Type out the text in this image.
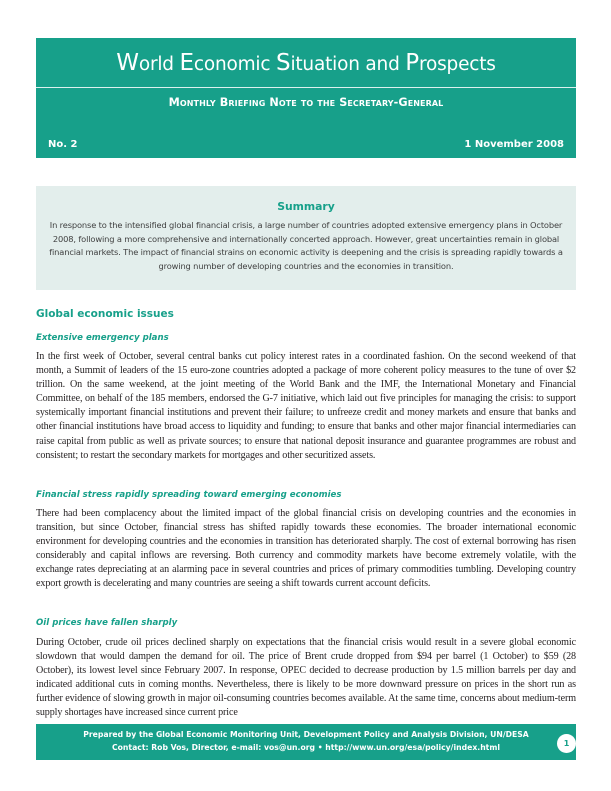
World Economic Situation and Prospects
Monthly Briefing Note to the Secretary-General
No. 2	1 November 2008
Summary

In response to the intensified global financial crisis, a large number of countries adopted extensive emergency plans in October 2008, following a more comprehensive and internationally concerted approach. However, great uncertainties remain in global financial markets. The impact of financial strains on economic activity is deepening and the crisis is spreading rapidly towards a growing number of developing countries and the economies in transition.

Global economic issues
Extensive emergency plans

In the first week of October, several central banks cut policy interest rates in a coordinated fashion. On the second weekend of that month, a Summit of leaders of the 15 euro-zone countries adopted a package of more coherent policy measures to the tune of over $2 trillion. On the same weekend, at the joint meeting of the World Bank and the IMF, the International Monetary and Financial Committee, on behalf of the 185 members, endorsed the G-7 initiative, which laid out five principles for managing the crisis: to support systemically important financial institutions and prevent their failure; to unfreeze credit and money markets and ensure that banks and other financial institutions have broad access to liquidity and funding; to ensure that banks and other major financial intermediaries can raise capital from public as well as private sources; to ensure that national deposit insurance and guarantee programmes are robust and consistent; to restart the secondary markets for mortgages and other securitized assets.

Financial stress rapidly spreading toward emerging economies

There had been complacency about the limited impact of the global financial crisis on developing countries and the economies in transition, but since October, financial stress has shifted rapidly towards these economies. The broader international economic environment for developing countries and the economies in transition has deteriorated sharply. The cost of external borrowing has risen considerably and capital inflows are reversing. Both currency and commodity markets have become extremely volatile, with the exchange rates depreciating at an alarming pace in several countries and prices of primary commodities tumbling. Developing country export growth is decelerating and many countries are seeing a shift towards current account deficits.

Oil prices have fallen sharply

During October, crude oil prices declined sharply on expectations that the financial crisis would result in a severe global economic slowdown that would dampen the demand for oil. The price of Brent crude dropped from $94 per barrel (1 October) to $59 (28 October), its lowest level since February 2007. In response, OPEC decided to decrease production by 1.5 million barrels per day and indicated additional cuts in coming months. Nevertheless, there is likely to be more downward pressure on prices in the short run as further evidence of slowing growth in major oil-consuming countries becomes available. At the same time, concerns about medium-term supply shortages have increased since current price

Prepared by the Global Economic Monitoring Unit, Development Policy and Analysis Division, UN/DESA
Contact: Rob Vos, Director, e-mail: vos@un.org • http://www.un.org/esa/policy/index.html	1
